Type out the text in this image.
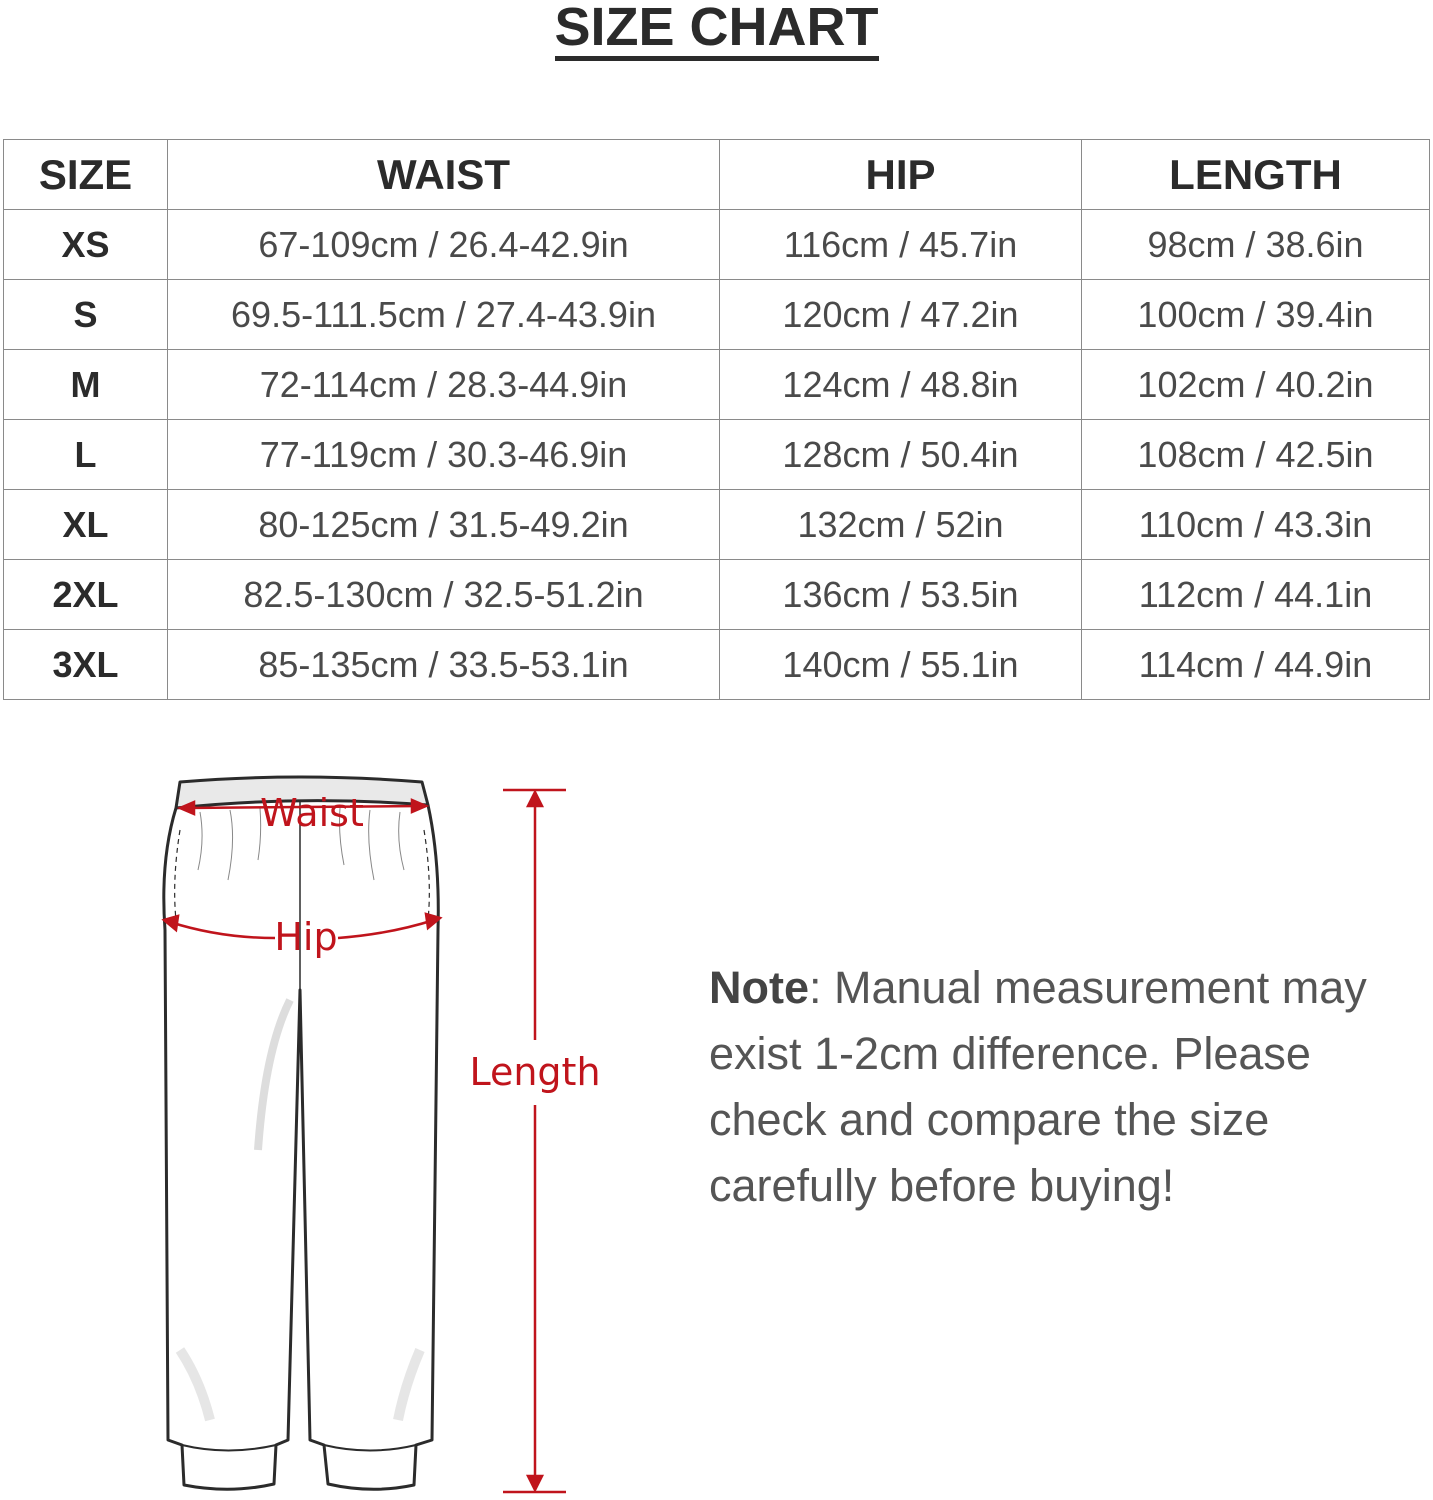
SIZE CHART
SIZE	WAIST	HIP	LENGTH
XS	67-109cm / 26.4-42.9in	116cm / 45.7in	98cm / 38.6in
S	69.5-111.5cm / 27.4-43.9in	120cm / 47.2in	100cm / 39.4in
M	72-114cm / 28.3-44.9in	124cm / 48.8in	102cm / 40.2in
L	77-119cm / 30.3-46.9in	128cm / 50.4in	108cm / 42.5in
XL	80-125cm / 31.5-49.2in	132cm / 52in	110cm / 43.3in
2XL	82.5-130cm / 32.5-51.2in	136cm / 53.5in	112cm / 44.1in
3XL	85-135cm / 33.5-53.1in	140cm / 55.1in	114cm / 44.9in
Waist
Hip
Length

Note: Manual measurement may exist 1-2cm difference. Please check and compare the size carefully before buying!
